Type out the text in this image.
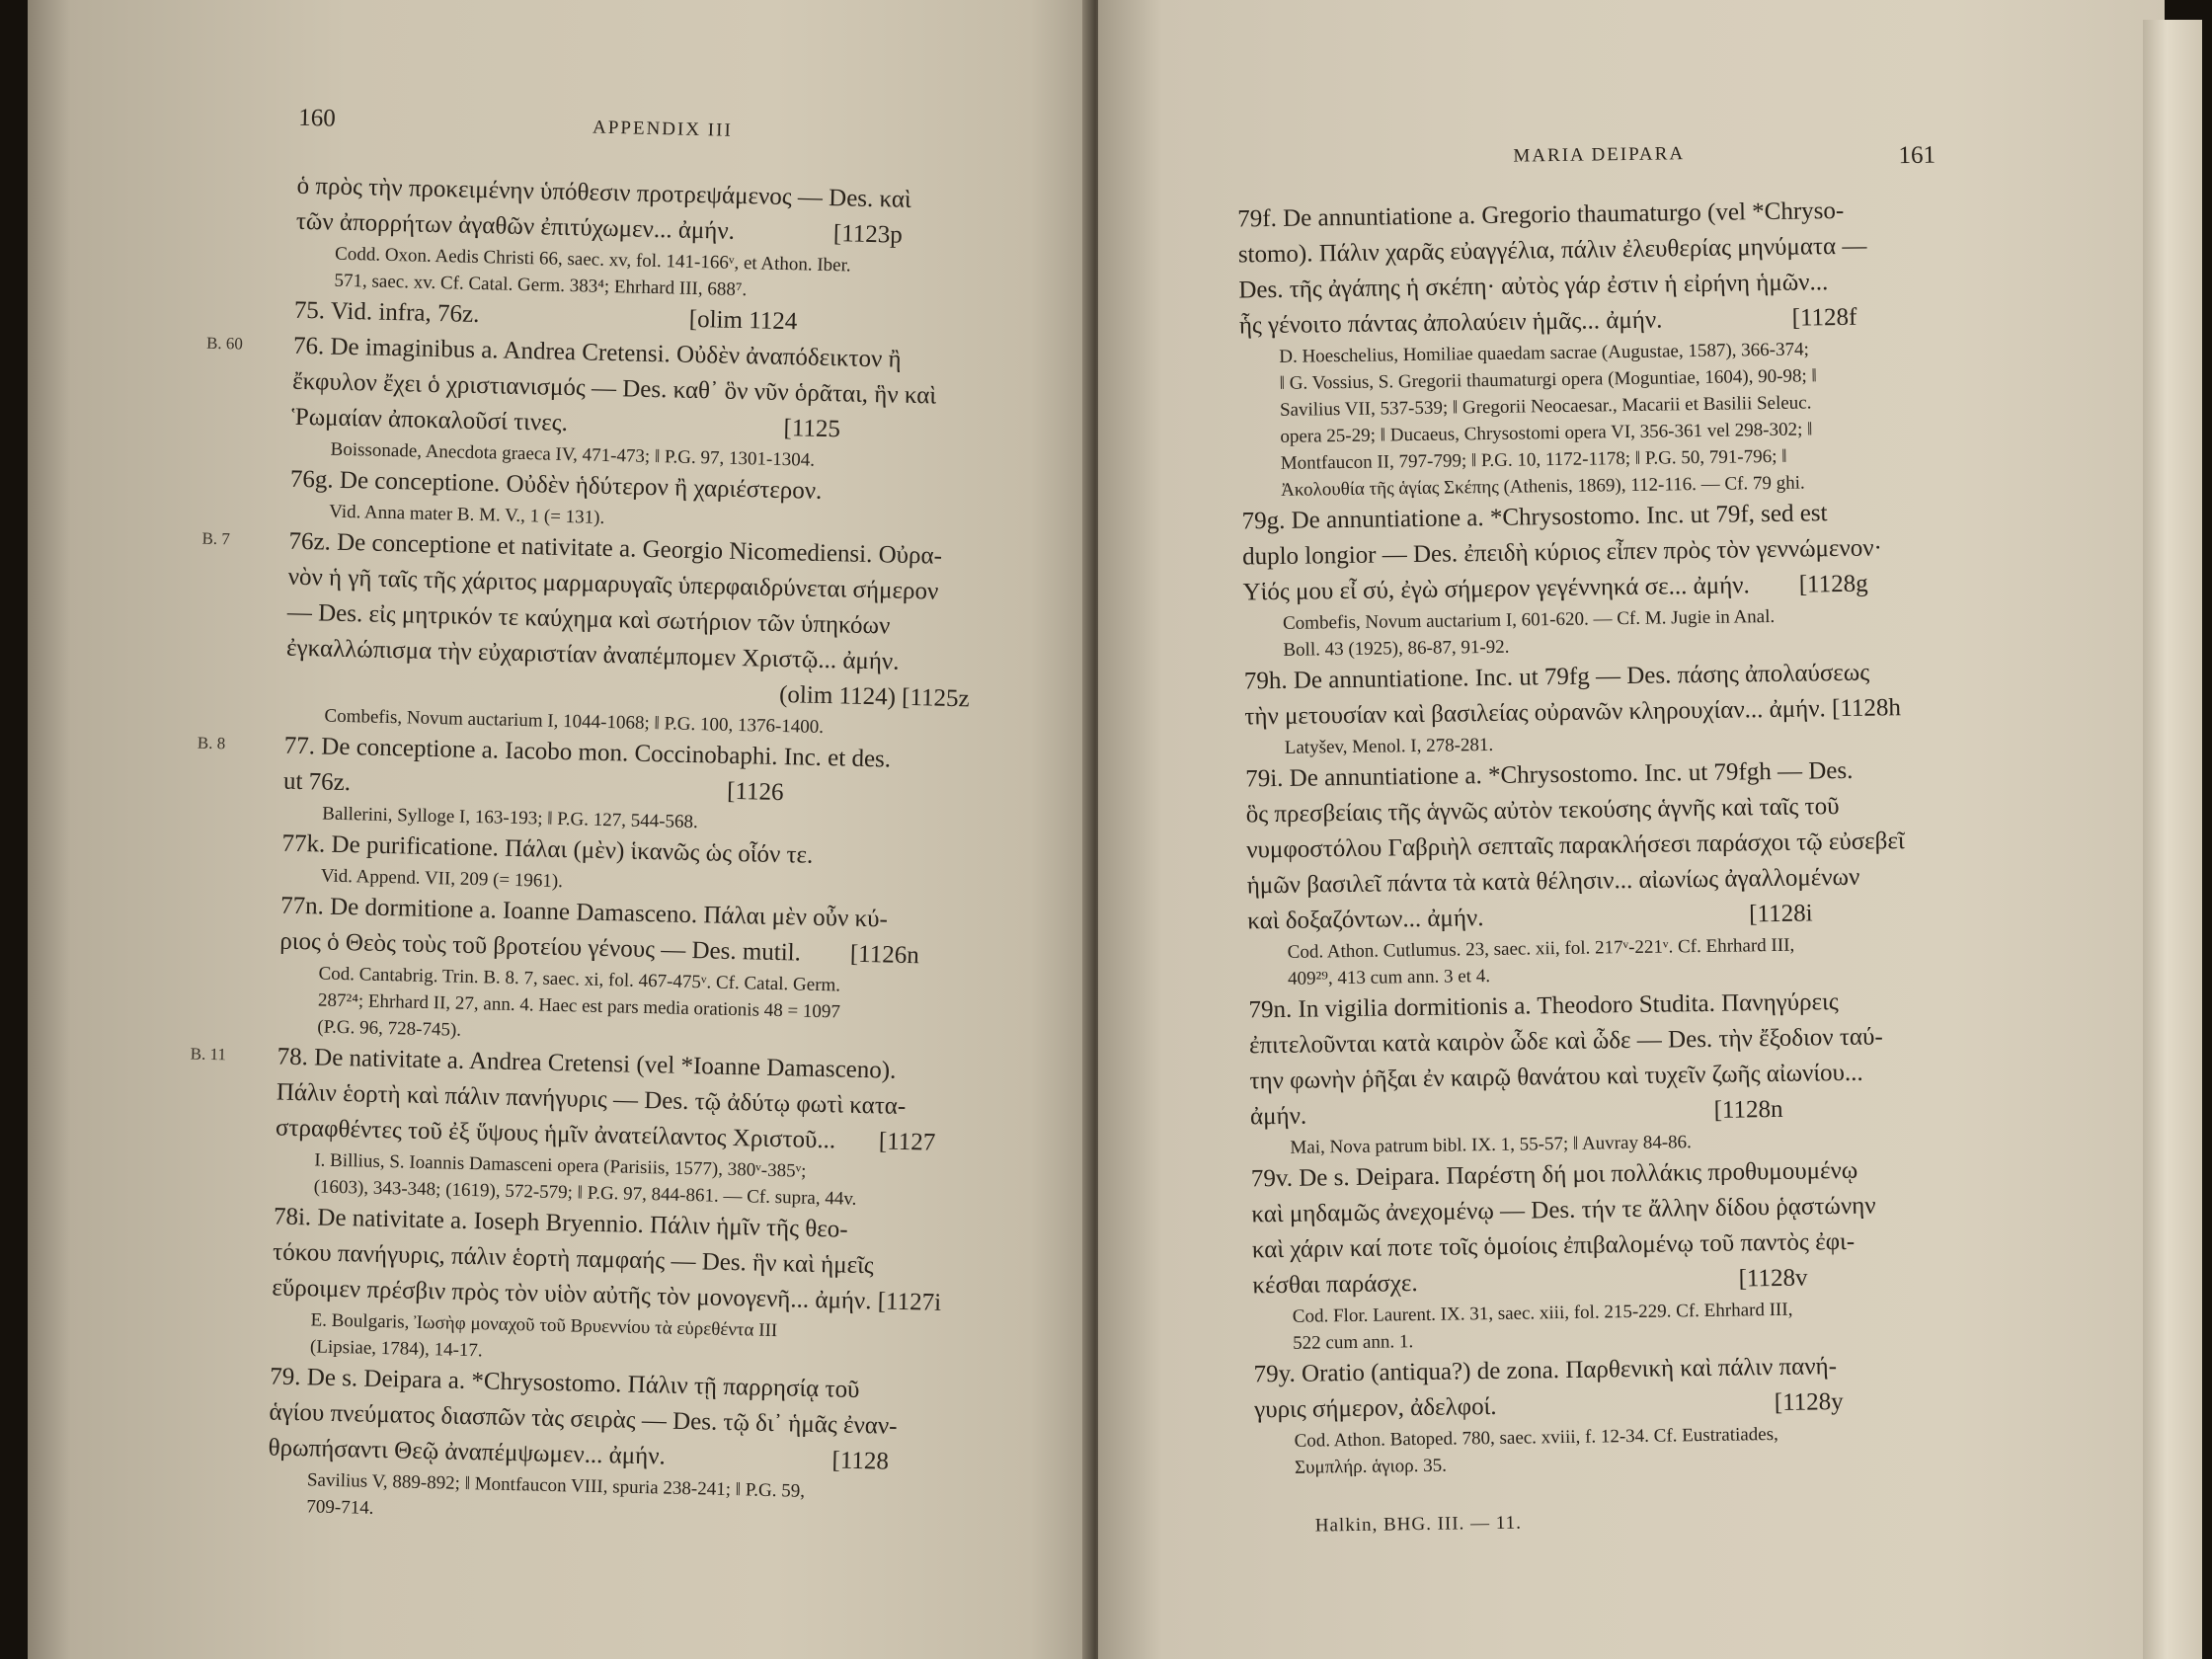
160	APPENDIX III
ὁ πρὸς τὴν προκειμένην ὑπόθεσιν προτρεψάμενος — Des. καὶ
τῶν ἀπορρήτων ἀγαθῶν ἐπιτύχωμεν... ἀμήν.                [1123p
Codd. Oxon. Aedis Christi 66, saec. xv, fol. 141-166ᵛ, et Athon. Iber.
571, saec. xv. Cf. Catal. Germ. 383⁴; Ehrhard III, 688⁷.
75. Vid. infra, 76z.                                  [olim 1124
B. 60 76. De imaginibus a. Andrea Cretensi. Οὐδὲν ἀναπόδεικτον ἢ
ἔκφυλον ἔχει ὁ χριστιανισμός — Des. καθ᾽ ὃν νῦν ὁρᾶται, ἣν καὶ
Ῥωμαίαν ἀποκαλοῦσί τινες.                                   [1125
Boissonade, Anecdota graeca IV, 471-473; ‖ P.G. 97, 1301-1304.
76g. De conceptione. Οὐδὲν ἡδύτερον ἢ χαριέστερον.
Vid. Anna mater B. M. V., 1 (= 131).
B. 7 76z. De conceptione et nativitate a. Georgio Nicomediensi. Οὐρα-
νὸν ἡ γῆ ταῖς τῆς χάριτος μαρμαρυγαῖς ὑπερφαιδρύνεται σήμερον
— Des. εἰς μητρικόν τε καύχημα καὶ σωτήριον τῶν ὑπηκόων
ἐγκαλλώπισμα τὴν εὐχαριστίαν ἀναπέμπομεν Χριστῷ... ἀμήν.
(olim 1124) [1125z
Combefis, Novum auctarium I, 1044-1068; ‖ P.G. 100, 1376-1400.
B. 8 77. De conceptione a. Iacobo mon. Coccinobaphi. Inc. et des.
ut 76z.                                                             [1126
Ballerini, Sylloge I, 163-193; ‖ P.G. 127, 544-568.
77k. De purificatione. Πάλαι (μὲν) ἱκανῶς ὡς οἷόν τε.
Vid. Append. VII, 209 (= 1961).
77n. De dormitione a. Ioanne Damasceno. Πάλαι μὲν οὖν κύ-
ριος ὁ Θεὸς τοὺς τοῦ βροτείου γένους — Des. mutil.        [1126n
Cod. Cantabrig. Trin. B. 8. 7, saec. xi, fol. 467-475ᵛ. Cf. Catal. Germ.
287²⁴; Ehrhard II, 27, ann. 4. Haec est pars media orationis 48 = 1097
(P.G. 96, 728-745).
B. 11 78. De nativitate a. Andrea Cretensi (vel *Ioanne Damasceno).
Πάλιν ἑορτὴ καὶ πάλιν πανήγυρις — Des. τῷ ἀδύτῳ φωτὶ κατα-
στραφθέντες τοῦ ἐξ ὕψους ἡμῖν ἀνατείλαντος Χριστοῦ...       [1127
I. Billius, S. Ioannis Damasceni opera (Parisiis, 1577), 380ᵛ-385ᵛ;
(1603), 343-348; (1619), 572-579; ‖ P.G. 97, 844-861. — Cf. supra, 44v.
78i. De nativitate a. Ioseph Bryennio. Πάλιν ἡμῖν τῆς θεο-
τόκου πανήγυρις, πάλιν ἑορτὴ παμφαής — Des. ἣν καὶ ἡμεῖς
εὕροιμεν πρέσβιν πρὸς τὸν υἱὸν αὐτῆς τὸν μονογενῆ... ἀμήν. [1127i
E. Boulgaris, Ἰωσὴφ μοναχοῦ τοῦ Βρυεννίου τὰ εὑρεθέντα III
(Lipsiae, 1784), 14-17.
79. De s. Deipara a. *Chrysostomo. Πάλιν τῇ παρρησίᾳ τοῦ
ἁγίου πνεύματος διασπῶν τὰς σειρὰς — Des. τῷ δι᾽ ἡμᾶς ἐναν-
θρωπήσαντι Θεῷ ἀναπέμψωμεν... ἀμήν.                           [1128
Savilius V, 889-892; ‖ Montfaucon VIII, spuria 238-241; ‖ P.G. 59,
709-714.
MARIA DEIPARA	161
79f. De annuntiatione a. Gregorio thaumaturgo (vel *Chryso-
stomo). Πάλιν χαρᾶς εὐαγγέλια, πάλιν ἐλευθερίας μηνύματα —
Des. τῆς ἀγάπης ἡ σκέπη· αὐτὸς γάρ ἐστιν ἡ εἰρήνη ἡμῶν...
ἧς γένοιτο πάντας ἀπολαύειν ἡμᾶς... ἀμήν.                     [1128f
D. Hoeschelius, Homiliae quaedam sacrae (Augustae, 1587), 366-374;
‖ G. Vossius, S. Gregorii thaumaturgi opera (Moguntiae, 1604), 90-98; ‖
Savilius VII, 537-539; ‖ Gregorii Neocaesar., Macarii et Basilii Seleuc.
opera 25-29; ‖ Ducaeus, Chrysostomi opera VI, 356-361 vel 298-302; ‖
Montfaucon II, 797-799; ‖ P.G. 10, 1172-1178; ‖ P.G. 50, 791-796; ‖
Ἀκολουθία τῆς ἁγίας Σκέπης (Athenis, 1869), 112-116. — Cf. 79 ghi.
79g. De annuntiatione a. *Chrysostomo. Inc. ut 79f, sed est
duplo longior — Des. ἐπειδὴ κύριος εἶπεν πρὸς τὸν γεννώμενον·
Υἱός μου εἶ σύ, ἐγὼ σήμερον γεγέννηκά σε... ἀμήν.        [1128g
Combefis, Novum auctarium I, 601-620. — Cf. M. Jugie in Anal.
Boll. 43 (1925), 86-87, 91-92.
79h. De annuntiatione. Inc. ut 79fg — Des. πάσης ἀπολαύσεως
τὴν μετουσίαν καὶ βασιλείας οὐρανῶν κληρουχίαν... ἀμήν. [1128h
Latyšev, Menol. I, 278-281.
79i. De annuntiatione a. *Chrysostomo. Inc. ut 79fgh — Des.
ὃς πρεσβείαις τῆς ἁγνῶς αὐτὸν τεκούσης ἁγνῆς καὶ ταῖς τοῦ
νυμφοστόλου Γαβριὴλ σεπταῖς παρακλήσεσι παράσχοι τῷ εὐσεβεῖ
ἡμῶν βασιλεῖ πάντα τὰ κατὰ θέλησιν... αἰωνίως ἀγαλλομένων
καὶ δοξαζόντων... ἀμήν.                                           [1128i
Cod. Athon. Cutlumus. 23, saec. xii, fol. 217ᵛ-221ᵛ. Cf. Ehrhard III,
409²⁹, 413 cum ann. 3 et 4.
79n. In vigilia dormitionis a. Theodoro Studita. Πανηγύρεις
ἐπιτελοῦνται κατὰ καιρὸν ὧδε καὶ ὧδε — Des. τὴν ἔξοδιον ταύ-
την φωνὴν ῥῆξαι ἐν καιρῷ θανάτου καὶ τυχεῖν ζωῆς αἰωνίου...
ἀμήν.                                                                  [1128n
Mai, Nova patrum bibl. IX. 1, 55-57; ‖ Auvray 84-86.
79v. De s. Deipara. Παρέστη δή μοι πολλάκις προθυμουμένῳ
καὶ μηδαμῶς ἀνεχομένῳ — Des. τήν τε ἄλλην δίδου ῥᾳστώνην
καὶ χάριν καί ποτε τοῖς ὁμοίοις ἐπιβαλομένῳ τοῦ παντὸς ἐφι-
κέσθαι παράσχε.                                                    [1128v
Cod. Flor. Laurent. IX. 31, saec. xiii, fol. 215-229. Cf. Ehrhard III,
522 cum ann. 1.
79y. Oratio (antiqua?) de zona. Παρθενικὴ καὶ πάλιν πανή-
γυρις σήμερον, ἀδελφοί.                                             [1128y
Cod. Athon. Batoped. 780, saec. xviii, f. 12-34. Cf. Eustratiades,
Συμπλήρ. ἁγιορ. 35.
Halkin, BHG. III. — 11.
